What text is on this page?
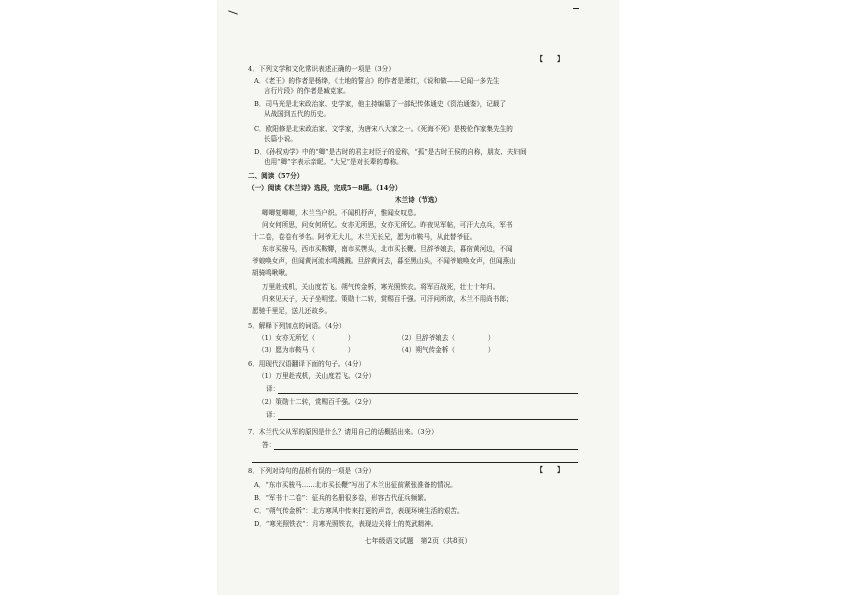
【　　】
4．下列文学和文化常识表述正确的一项是（3分）
A．《老王》的作者是杨绛，《土地的誓言》的作者是萧红，《说和做——记闻一多先生
言行片段》的作者是臧克家。
B．司马光是北宋政治家、史学家，他主持编纂了一部纪传体通史《资治通鉴》，记载了
从战国到五代的历史。
C．欧阳修是北宋政治家、文学家，为唐宋八大家之一。《死海不死》是梭伦作家集先生的
长篇小说。
D．《孙权劝学》中的“卿”是古时的君主对臣子的爱称，“孤”是古时王侯的自称，朋友、夫妇间
也用“卿”字表示亲昵。“大兄”是对长辈的尊称。
二、阅读（57分）
（一）阅读《木兰诗》选段，完成5－8题。（14分）
木兰诗（节选）
唧唧复唧唧，木兰当户织。不闻机杼声，惟闻女叹息。
问女何所思，问女何所忆。女亦无所思，女亦无所忆。昨夜见军帖，可汗大点兵，军书
十二卷，卷卷有爷名。阿爷无大儿，木兰无长兄，愿为市鞍马，从此替爷征。
东市买骏马，西市买鞍鞯，南市买辔头，北市买长鞭。旦辞爷娘去，暮宿黄河边，不闻
爷娘唤女声，但闻黄河流水鸣溅溅。旦辞黄河去，暮至黑山头，不闻爷娘唤女声，但闻燕山
胡骑鸣啾啾。
万里赴戎机，关山度若飞。朔气传金柝，寒光照铁衣。将军百战死，壮士十年归。
归来见天子，天子坐明堂。策勋十二转，赏赐百千强。可汗问所欲，木兰不用尚书郎；
愿驰千里足，送儿还故乡。
5．解释下列加点的词语。（4分）
（1）女亦无所忆（　　　　　）	（2）旦辞爷娘去（　　　　　）
（3）愿为市鞍马（　　　　　）	（4）朔气传金柝（　　　　　）
6．用现代汉语翻译下面的句子。（4分）
（1）万里赴戎机，关山度若飞。（2分）
译：
（2）策勋十二转，赏赐百千强。（2分）
译：
7．木兰代父从军的原因是什么？请用自己的话概括出来。（3分）
答：
8．下列对诗句的品析有误的一项是（3分）	【　　】
A．“东市买骏马……北市买长鞭”写出了木兰出征前紧张准备的情况。
B．“军书十二卷”：征兵的名册很多卷，形容古代征兵频繁。
C．“朔气传金柝”：北方寒风中传来打更的声音，表现环境生活的艰苦。
D．“寒光照铁衣”：月寒光照铁衣，表现边关将士的英武精神。
七年级语文试题　第2页（共8页）
